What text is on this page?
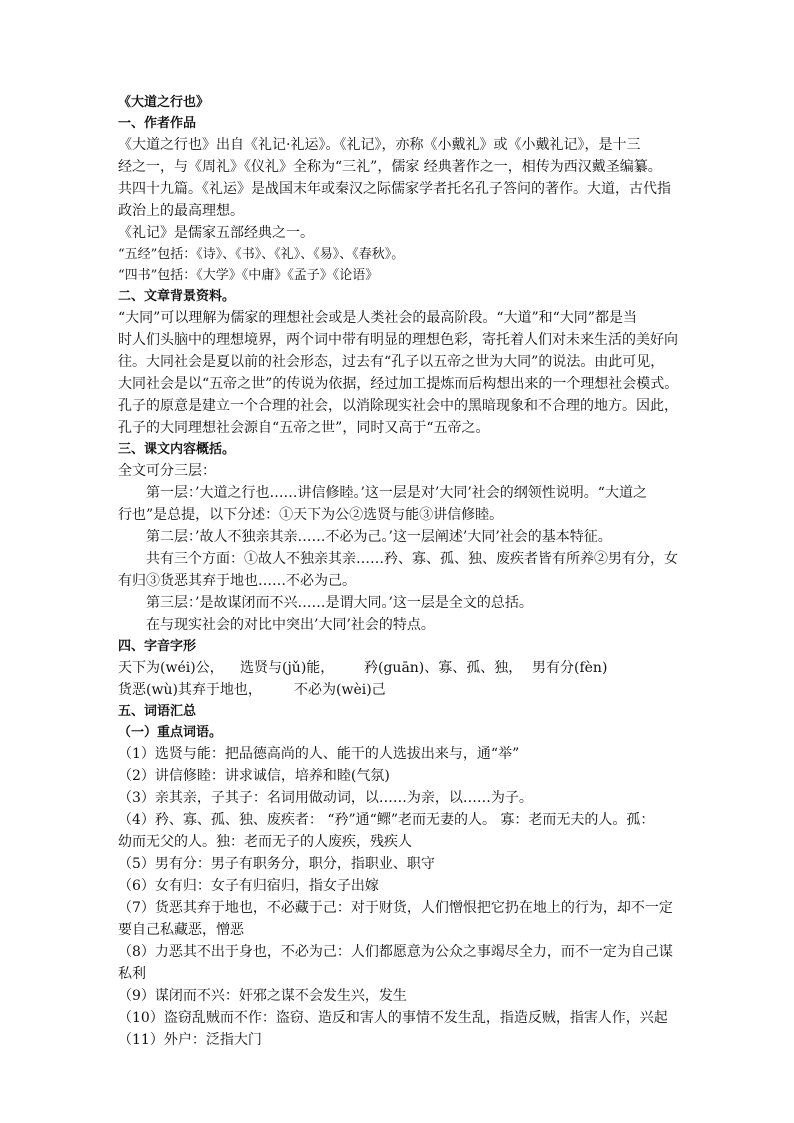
《大道之行也》
一、作者作品
《大道之行也》出自《礼记·礼运》。《礼记》，亦称《小戴礼》或《小戴礼记》，是十三
经之一，与《周礼》《仪礼》全称为“三礼”，儒家 经典著作之一，相传为西汉戴圣编纂。
共四十九篇。《礼运》是战国末年或秦汉之际儒家学者托名孔子答问的著作。大道，古代指
政治上的最高理想。
《礼记》是儒家五部经典之一。
“五经”包括：《诗》、《书》、《礼》、《易》、《春秋》。
“四书”包括：《大学》《中庸》《孟子》《论语》
二、文章背景资料。
“大同”可以理解为儒家的理想社会或是人类社会的最高阶段。“大道”和“大同”都是当
时人们头脑中的理想境界，两个词中带有明显的理想色彩，寄托着人们对未来生活的美好向
往。大同社会是夏以前的社会形态，过去有“孔子以五帝之世为大同”的说法。由此可见，
大同社会是以“五帝之世”的传说为依据，经过加工提炼而后构想出来的一个理想社会模式。
孔子的原意是建立一个合理的社会，以消除现实社会中的黑暗现象和不合理的地方。因此，
孔子的大同理想社会源自“五帝之世”，同时又高于“五帝之。
三、课文内容概括。
全文可分三层：
第一层：’大道之行也……讲信修睦。’这一层是对’大同’社会的纲领性说明。“大道之
行也”是总提，以下分述：①天下为公②选贤与能③讲信修睦。
第二层：’故人不独亲其亲……不必为己。’这一层阐述’大同’社会的基本特征。
共有三个方面：①故人不独亲其亲……矜、寡、孤、独、废疾者皆有所养②男有分，女
有归③货恶其弃于地也……不必为己。
第三层：’是故谋闭而不兴……是谓大同。’这一层是全文的总括。
在与现实社会的对比中突出’大同’社会的特点。
四、字音字形
天下为(wéi)公， 选贤与(jǔ)能， 矜(guān)、寡、孤、独， 男有分(fèn)
货恶(wù)其弃于地也， 不必为(wèi)己
五、词语汇总
（一）重点词语。
（1）选贤与能：把品德高尚的人、能干的人选拔出来与，通“举”
（2）讲信修睦：讲求诚信，培养和睦(气氛)
（3）亲其亲，子其子：名词用做动词，以……为亲，以……为子。
（4）矜、寡、孤、独、废疾者： “矜”通“鳏”老而无妻的人。 寡：老而无夫的人。孤：
幼而无父的人。独：老而无子的人废疾，残疾人
（5）男有分：男子有职务分，职分，指职业、职守
（6）女有归：女子有归宿归，指女子出嫁
（7）货恶其弃于地也，不必藏于己：对于财货，人们憎恨把它扔在地上的行为，却不一定
要自己私藏恶，憎恶
（8）力恶其不出于身也，不必为己：人们都愿意为公众之事竭尽全力，而不一定为自己谋
私利
（9）谋闭而不兴：奸邪之谋不会发生兴，发生
（10）盗窃乱贼而不作：盗窃、造反和害人的事情不发生乱，指造反贼，指害人作，兴起
（11）外户：泛指大门
